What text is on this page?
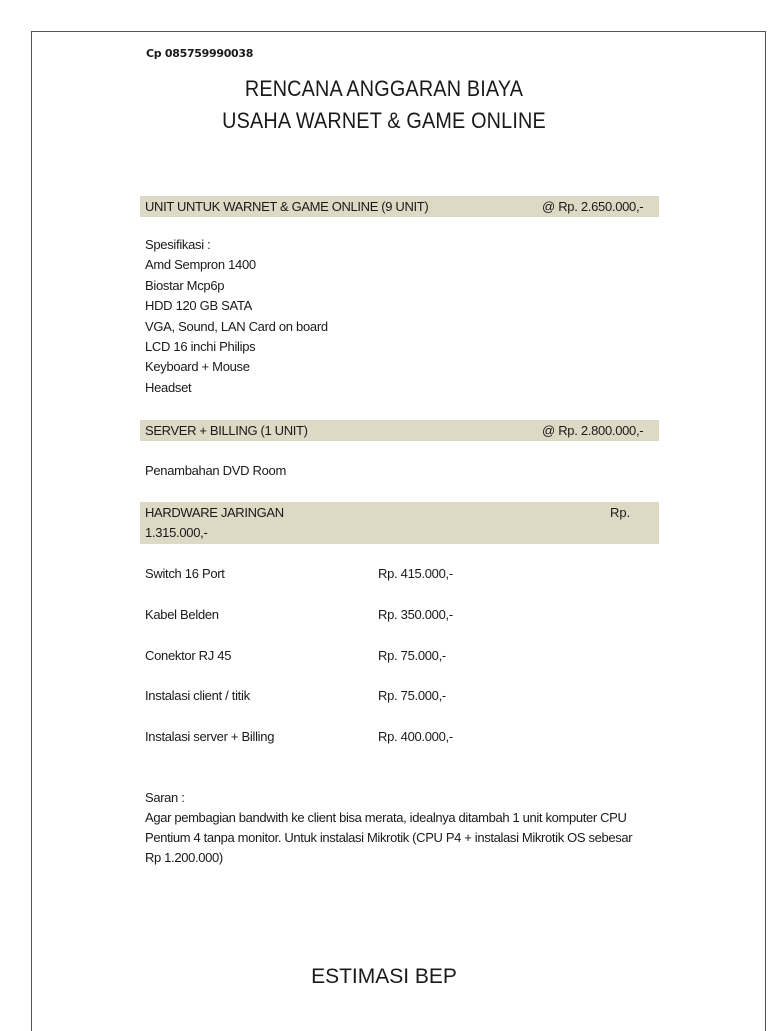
Cp 085759990038
RENCANA ANGGARAN BIAYA
USAHA WARNET & GAME ONLINE
UNIT UNTUK WARNET & GAME ONLINE (9 UNIT)	@ Rp. 2.650.000,-
Spesifikasi :
Amd Sempron 1400
Biostar Mcp6p
HDD 120 GB SATA
VGA, Sound, LAN Card on board
LCD 16 inchi Philips
Keyboard + Mouse
Headset
SERVER + BILLING (1 UNIT)	@ Rp. 2.800.000,-
Penambahan DVD Room
HARDWARE JARINGAN	Rp.
1.315.000,-
Switch 16 Port	Rp. 415.000,-
Kabel Belden	Rp. 350.000,-
Conektor RJ 45	Rp. 75.000,-
Instalasi client / titik	Rp. 75.000,-
Instalasi server + Billing	Rp. 400.000,-
Saran :
Agar pembagian bandwith ke client bisa merata, idealnya ditambah 1 unit komputer CPU
Pentium 4 tanpa monitor. Untuk instalasi Mikrotik (CPU P4 + instalasi Mikrotik OS sebesar
Rp 1.200.000)
ESTIMASI BEP
